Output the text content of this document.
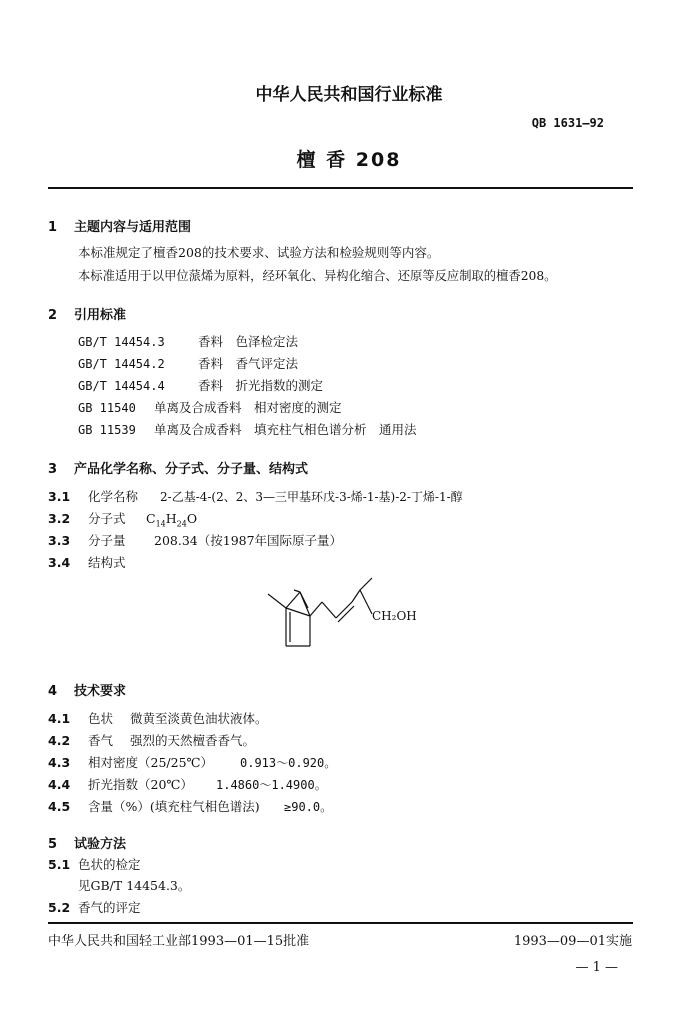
中华人民共和国行业标准
QB 1631—92
檀 香 208
1 主题内容与适用范围
本标准规定了檀香208的技术要求、试验方法和检验规则等内容。
本标准适用于以甲位蒎烯为原料，经环氧化、异构化缩合、还原等反应制取的檀香208。
2 引用标准
GB/T 14454.3	香料　色泽检定法
GB/T 14454.2	香料　香气评定法
GB/T 14454.4	香料　折光指数的测定
GB 11540 单离及合成香料　相对密度的测定
GB 11539 单离及合成香料　填充柱气相色谱分析　通用法
3 产品化学名称、分子式、分子量、结构式
3.1 化学名称 2-乙基-4-(2、2、3—三甲基环戊-3-烯-1-基)-2-丁烯-1-醇
3.2 分子式 $C_{14}H_{24}O$
3.3 分子量 208.34（按1987年国际原子量）
3.4 结构式
CH₂OH
4 技术要求
4.1 色状 微黄至淡黄色油状液体。
4.2 香气 强烈的天然檀香香气。
4.3 相对密度（25/25℃） 0.913～0.920。
4.4 折光指数（20℃） 1.4860～1.4900。
4.5 含量（%）(填充柱气相色谱法) ≥90.0。
5 试验方法
5.1 色状的检定
见GB/T 14454.3。
5.2 香气的评定
中华人民共和国轻工业部1993—01—15批准	1993—09—01实施
— 1 —
